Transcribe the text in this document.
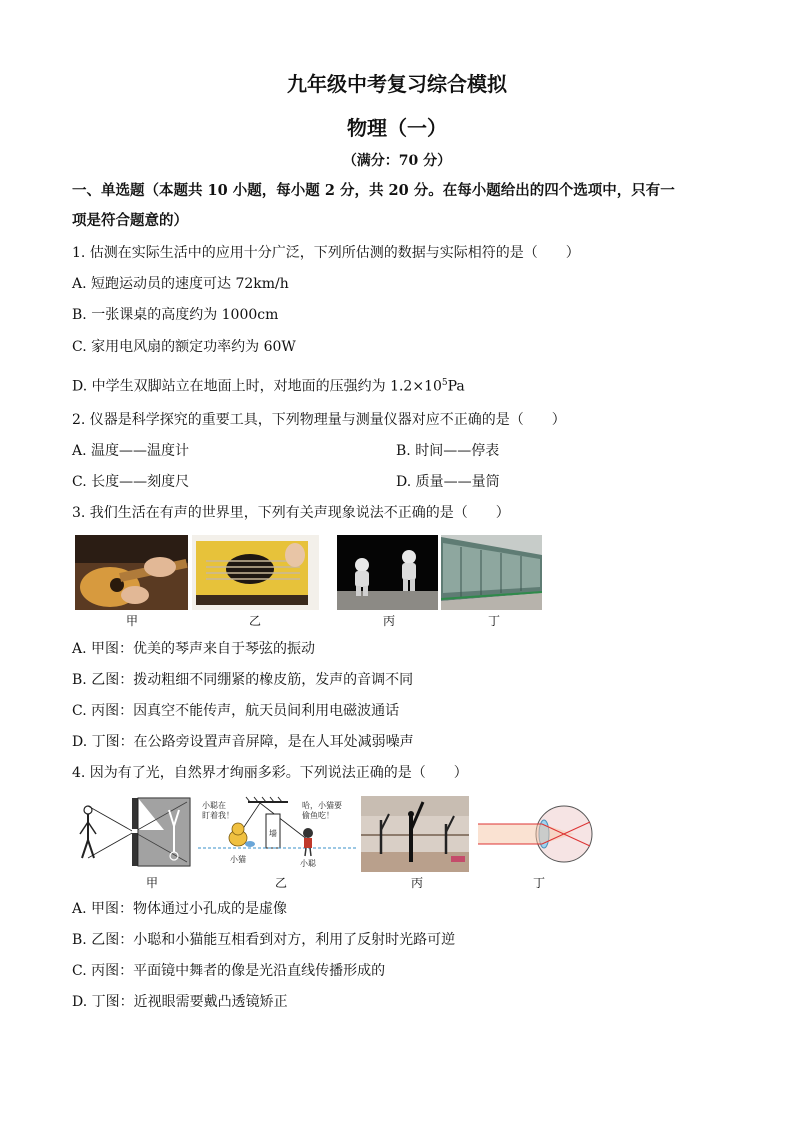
九年级中考复习综合模拟
物理（一）
（满分：70 分）
一、单选题（本题共 10 小题，每小题 2 分，共 20 分。在每小题给出的四个选项中，只有一
项是符合题意的）
1. 估测在实际生活中的应用十分广泛，下列所估测的数据与实际相符的是（　　）
A. 短跑运动员的速度可达 72km/h
B. 一张课桌的高度约为 1000cm
C. 家用电风扇的额定功率约为 60W
D. 中学生双脚站立在地面上时，对地面的压强约为 $1.2\times 10^5Pa$
2. 仪器是科学探究的重要工具，下列物理量与测量仪器对应不正确的是（　　）
A. 温度——温度计	B. 时间——停表
C. 长度——刻度尺	D. 质量——量筒
3. 我们生活在有声的世界里，下列有关声现象说法不正确的是（　　）
甲	乙	丙	丁
A. 甲图：优美的琴声来自于琴弦的振动
B. 乙图：拨动粗细不同绷紧的橡皮筋，发声的音调不同
C. 丙图：因真空不能传声，航天员间利用电磁波通话
D. 丁图：在公路旁设置声音屏障，是在人耳处减弱噪声
4. 因为有了光，自然界才绚丽多彩。下列说法正确的是（　　）
墙
小聪在
盯着我！
哈，小猫要
偷鱼吃！
小猫	小聪
甲	乙	丙	丁
A. 甲图：物体通过小孔成的是虚像
B. 乙图：小聪和小猫能互相看到对方，利用了反射时光路可逆
C. 丙图：平面镜中舞者的像是光沿直线传播形成的
D. 丁图：近视眼需要戴凸透镜矫正
